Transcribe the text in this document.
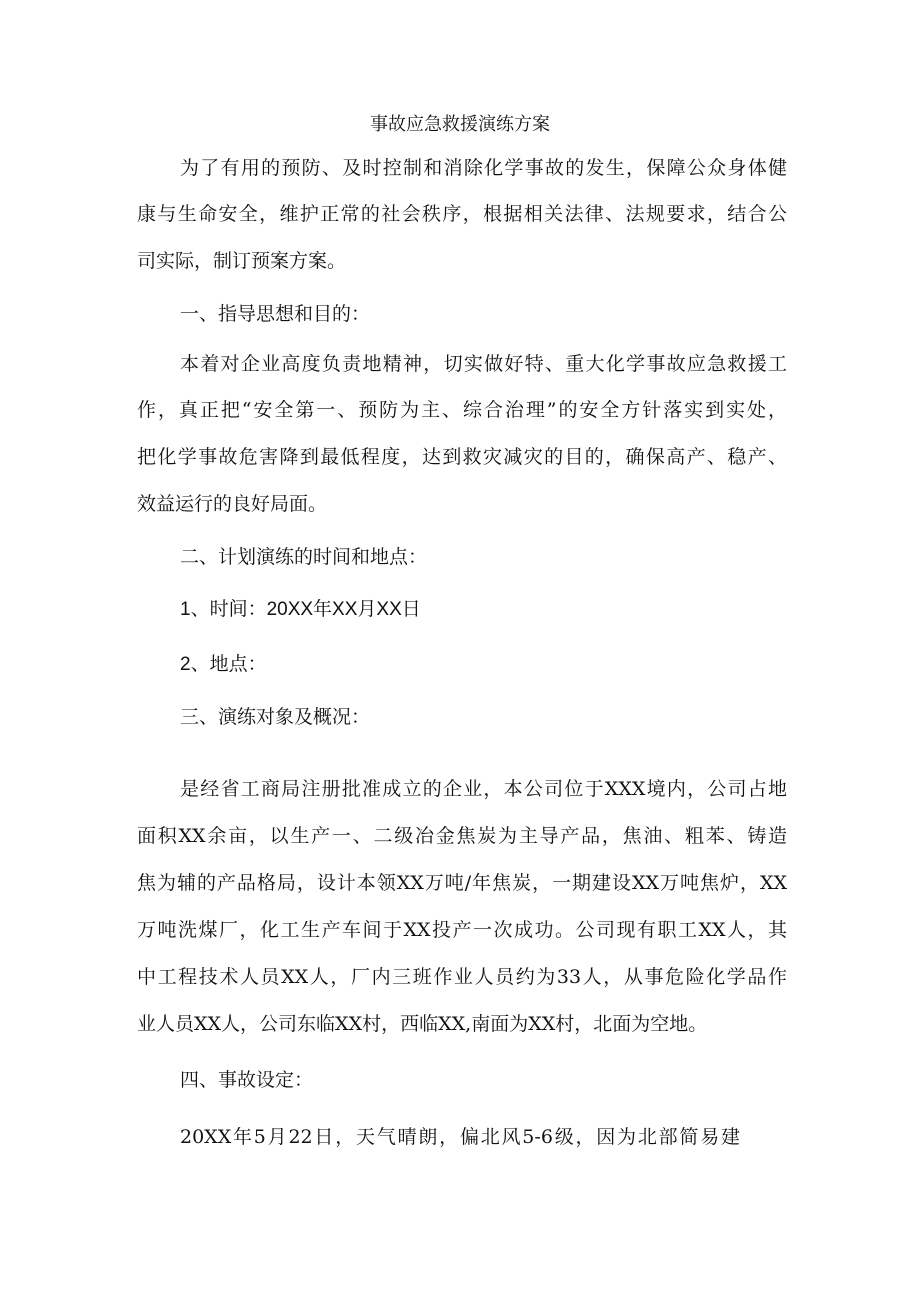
事故应急救援演练方案
为了有用的预防、及时控制和消除化学事故的发生，保障公众身体健
康与生命安全，维护正常的社会秩序，根据相关法律、法规要求，结合公
司实际，制订预案方案。
一、指导思想和目的：
本着对企业高度负责地精神，切实做好特、重大化学事故应急救援工
作，真正把“安全第一、预防为主、综合治理”的安全方针落实到实处，
把化学事故危害降到最低程度，达到救灾减灾的目的，确保高产、稳产、
效益运行的良好局面。
二、计划演练的时间和地点：
1、时间：20XX年XX月XX日
2、地点：
三、演练对象及概况：
是经省工商局注册批准成立的企业，本公司位于XXX境内，公司占地
面积XX余亩，以生产一、二级冶金焦炭为主导产品，焦油、粗苯、铸造
焦为辅的产品格局，设计本领XX万吨/年焦炭，一期建设XX万吨焦炉，XX
万吨洗煤厂，化工生产车间于XX投产一次成功。公司现有职工XX人，其
中工程技术人员XX人，厂内三班作业人员约为33人，从事危险化学品作
业人员XX人，公司东临XX村，西临XX,南面为XX村，北面为空地。
四、事故设定：
20XX年5月22日，天气晴朗，偏北风5-6级，因为北部简易建
